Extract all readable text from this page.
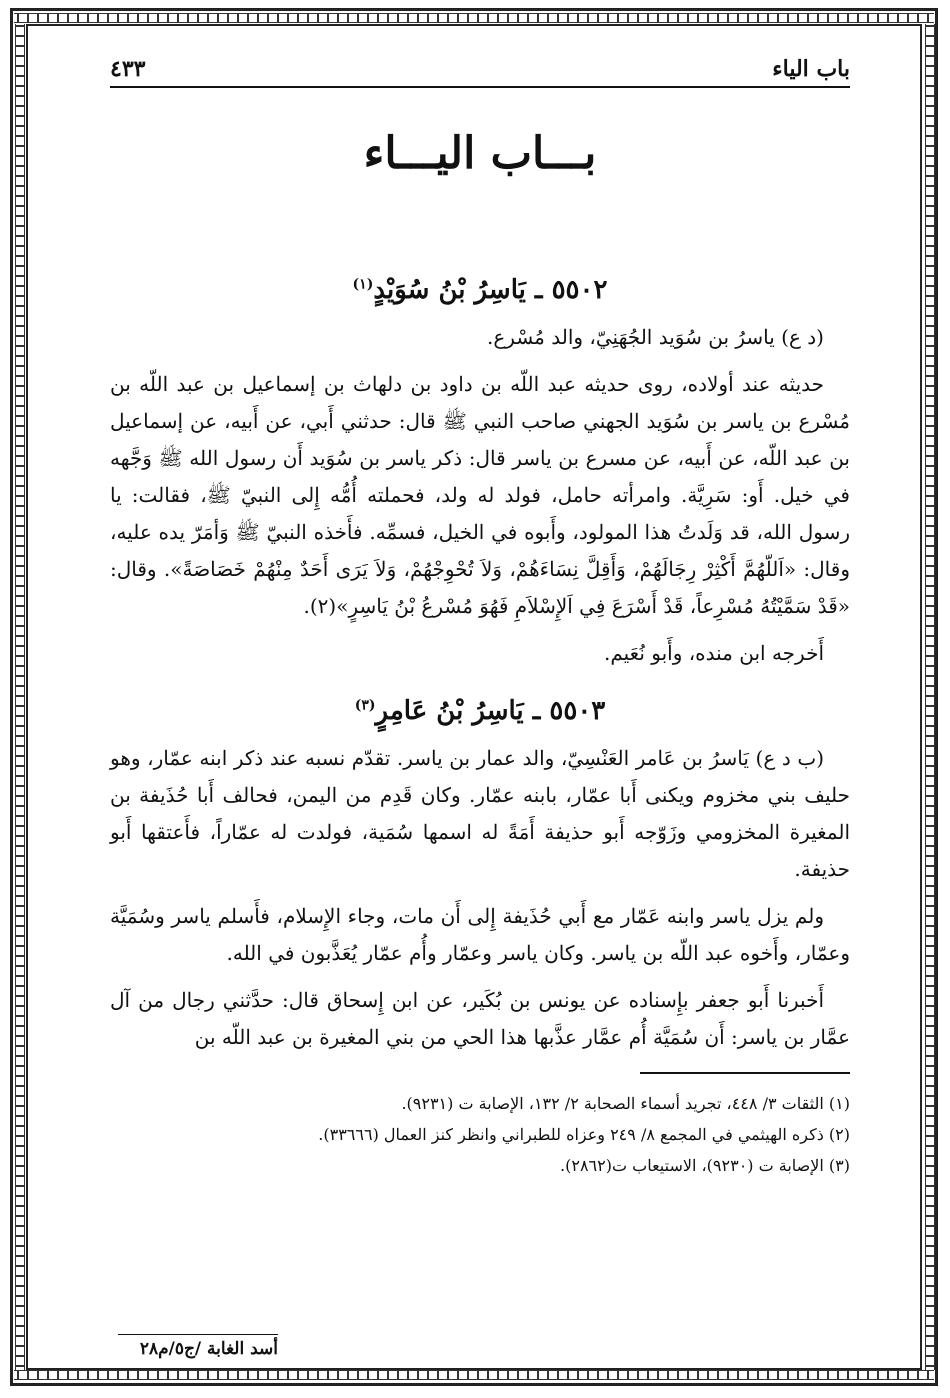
باب الياء
٤٣٣
بـــاب اليـــاء
٥٥٠٢ ـ يَاسِرُ بْنُ سُوَيْدٍ$^{(١)}$

(د ع) ياسرُ بن سُوَيد الجُهَنِيّ، والد مُسْرع.

حديثه عند أولاده، روى حديثه عبد اللّه بن داود بن دلهاث بن إسماعيل بن عبد اللّه بن مُسْرع بن ياسر بن سُوَيد الجهني صاحب النبي ﷺ قال: حدثني أَبي، عن أَبيه، عن إسماعيل بن عبد اللّه، عن أَبيه، عن مسرع بن ياسر قال: ذكر ياسر بن سُوَيد أَن رسول الله ﷺ وَجَّهه في خيل. أَو: سَرِيَّة. وامرأته حامل، فولد له ولد، فحملته أُمُّه إِلى النبيّ ﷺ، فقالت: يا رسول الله، قد وَلَدتُ هذا المولود، وأَبوه في الخيل، فسمِّه. فأَخذه النبيّ ﷺ وَأمَرّ يده عليه، وقال: «اَللّهُمَّ أَكْثِرْ رِجَالَهُمْ، وَأَقِلَّ نِسَاءَهُمْ، وَلاَ تُحْوِجْهُمْ، وَلاَ يَرَى أَحَدٌ مِنْهُمْ خَصَاصَةً». وقال: «قَدْ سَمَّيْتُهُ مُسْرِعاً، قَدْ أَسْرَعَ فِي اَلإِسْلاَمِ فَهُوَ مُسْرعُ بْنُ يَاسِرٍ»(٢).

أَخرجه ابن منده، وأَبو نُعَيم.

٥٥٠٣ ـ يَاسِرُ بْنُ عَامِرٍ$^{(٣)}$

(ب د ع) يَاسرُ بن عَامر العَنْسِيّ، والد عمار بن ياسر. تقدّم نسبه عند ذكر ابنه عمّار، وهو حليف بني مخزوم ويكنى أَبا عمّار، بابنه عمّار. وكان قَدِم من اليمن، فحالف أَبا حُذَيفة بن المغيرة المخزومي وزَوّجه أَبو حذيفة أَمَةً له اسمها سُمَية، فولدت له عمّاراً، فأَعتقها أَبو حذيفة.

ولم يزل ياسر وابنه عَمّار مع أَبي حُذَيفة إِلى أَن مات، وجاء الإِسلام، فأَسلم ياسر وسُمَيَّة وعمّار، وأَخوه عبد اللّه بن ياسر. وكان ياسر وعمّار وأُم عمّار يُعَذَّبون في الله.

أَخبرنا أَبو جعفر بإِسناده عن يونس بن بُكَير، عن ابن إِسحاق قال: حدَّثني رجال من آل عمَّار بن ياسر: أَن سُمَيَّة أُم عمَّار عذَّبها هذا الحي من بني المغيرة بن عبد اللّه بن

(١) الثقات ٣/ ٤٤٨، تجريد أسماء الصحابة ٢/ ١٣٢، الإصابة ت (٩٢٣١).
(٢) ذكره الهيثمي في المجمع ٨/ ٢٤٩ وعزاه للطبراني وانظر كنز العمال (٣٣٦٦٦).
(٣) الإصابة ت (٩٢٣٠)، الاستيعاب ت(٢٨٦٢).
أسد الغابة /ج٥/م٢٨
